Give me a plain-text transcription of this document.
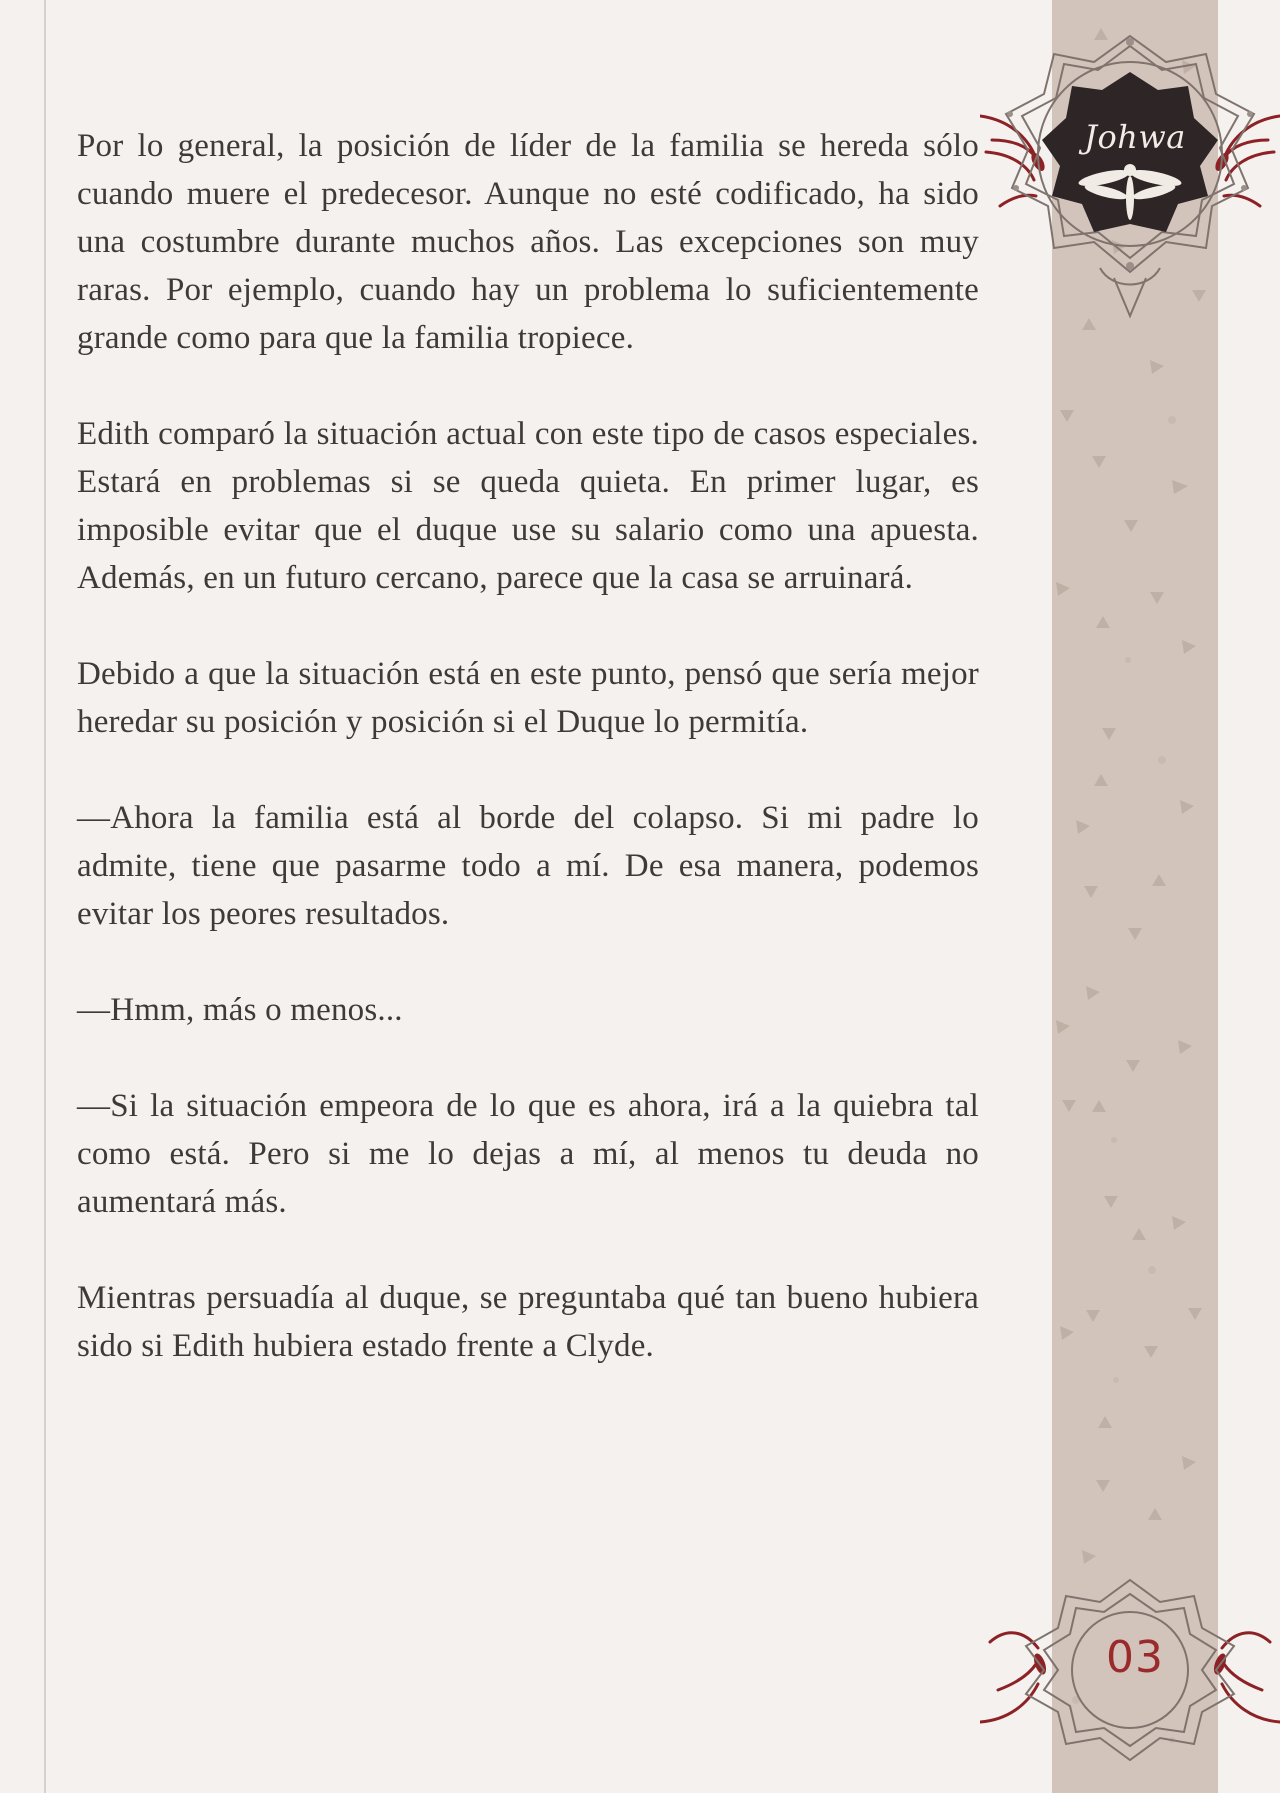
Johwa
03

Por lo general, la posición de líder de la familia se hereda sólo cuando muere el predecesor. Aunque no esté codificado, ha sido una costumbre durante muchos años. Las excepciones son muy raras. Por ejemplo, cuando hay un problema lo suficientemente grande como para que la familia tropiece.

Edith comparó la situación actual con este tipo de casos especiales. Estará en problemas si se queda quieta. En primer lugar, es imposible evitar que el duque use su salario como una apuesta. Además, en un futuro cercano, parece que la casa se arruinará.

Debido a que la situación está en este punto, pensó que sería mejor heredar su posición y posición si el Duque lo permitía.

—Ahora la familia está al borde del colapso. Si mi padre lo admite, tiene que pasarme todo a mí. De esa manera, podemos evitar los peores resultados.

—Hmm, más o menos...

—Si la situación empeora de lo que es ahora, irá a la quiebra tal como está. Pero si me lo dejas a mí, al menos tu deuda no aumentará más.

Mientras persuadía al duque, se preguntaba qué tan bueno hubiera sido si Edith hubiera estado frente a Clyde.
